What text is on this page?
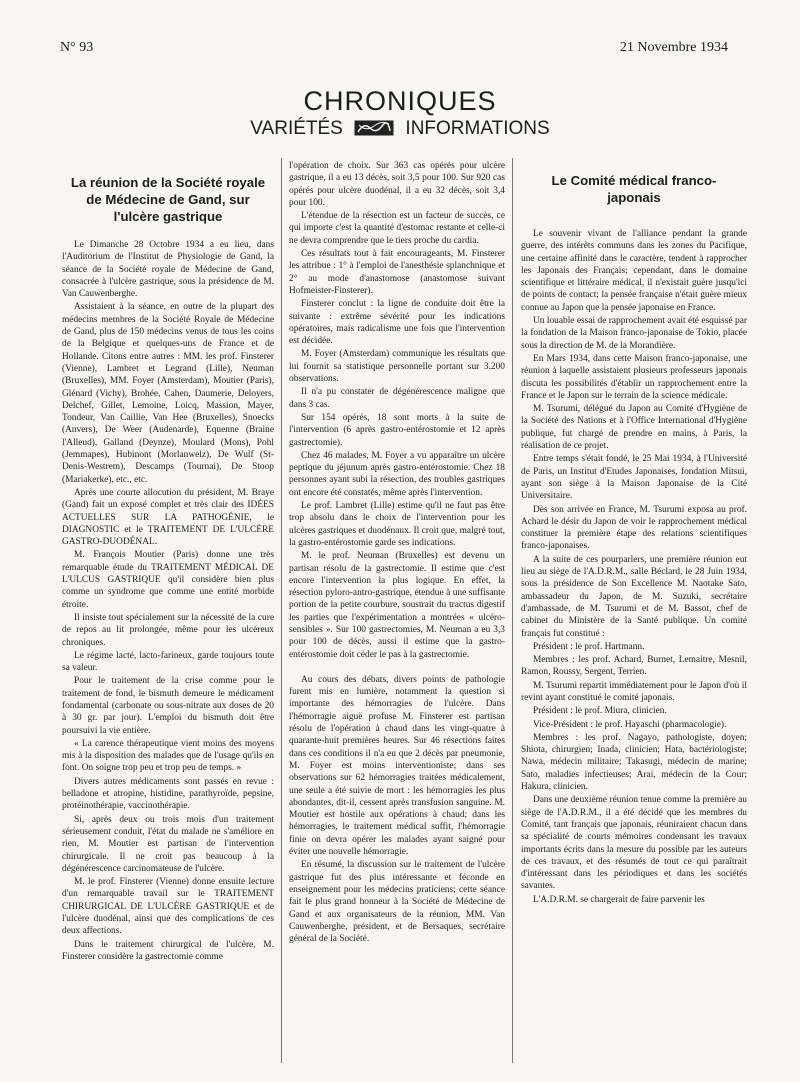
N° 93	21 Novembre 1934
CHRONIQUES
VARIÉTÉS	INFORMATIONS
La réunion de la Société royale de Médecine de Gand, sur l'ulcère gastrique

Le Dimanche 28 Octobre 1934 a eu lieu, dans l'Auditorium de l'Institut de Physiologie de Gand, la séance de la Société royale de Médecine de Gand, consacrée à l'ulcère gastrique, sous la présidence de M. Van Cauwenberghe.

Assistaient à la séance, en outre de la plupart des médecins membres de la Société Royale de Médecine de Gand, plus de 150 médecins venus de tous les coins de la Belgique et quelques-uns de France et de Hollande. Citons entre autres : MM. les prof. Finsterer (Vienne), Lambret et Legrand (Lille), Neuman (Bruxelles), MM. Foyer (Amsterdam), Moutier (Paris), Glénard (Vichy), Brohée, Cahen, Daumerie, Deloyers, Delchef, Gillet, Lemoine, Loicq, Massion, Mayer, Tondeur, Van Caillie, Van Hee (Bruxelles), Snoecks (Anvers), De Weer (Audenarde), Equenne (Braine l'Alleud), Galland (Deynze), Moulard (Mons), Pohl (Jemmapes), Hubinont (Morlanwelz), De Wulf (St-Denis-Westrem), Descamps (Tournai), De Stoop (Mariakerke), etc., etc.

Après une courte allocution du président, M. Braye (Gand) fait un exposé complet et très clair des IDÉES ACTUELLES SUR LA PATHOGÉNIE, le DIAGNOSTIC et le TRAITEMENT DE L'ULCÈRE GASTRO-DUODÉNAL.

M. François Moutier (Paris) donne une très remarquable étude du TRAITEMENT MÉDICAL DE L'ULCUS GASTRIQUE qu'il considère bien plus comme un syndrome que comme une entité morbide étroite.

Il insiste tout spécialement sur la nécessité de la cure de repos au lit prolongée, même pour les ulcéreux chroniques.

Le régime lacté, lacto-farineux, garde toujours toute sa valeur.

Pour le traitement de la crise comme pour le traitement de fond, le bismuth demeure le médicament fondamental (carbonate ou sous-nitrate aux doses de 20 à 30 gr. par jour). L'emploi du bismuth doit être poursuivi la vie entière.

« La carence thérapeutique vient moins des moyens mis à la disposition des malades que de l'usage qu'ils en font. On soigne trop peu et trop peu de temps. »

Divers autres médicaments sont passés en revue : belladone et atropine, histidine, parathyroïde, pepsine, protéinothérapie, vaccinothérapie.

Si, après deux ou trois mois d'un traitement sérieusement conduit, l'état du malade ne s'améliore en rien, M. Moutier est partisan de l'intervention chirurgicale. Il ne croit pas beaucoup à la dégénérescence carcinomateuse de l'ulcère.

M. le prof. Finsterer (Vienne) donne ensuite lecture d'un remarquable travail sur le TRAITEMENT CHIRURGICAL DE L'ULCÈRE GASTRIQUE et de l'ulcère duodénal, ainsi que des complications de ces deux affections.

Dans le traitement chirurgical de l'ulcère, M. Finsterer considère la gastrectomie comme

l'opération de choix. Sur 363 cas opérés pour ulcère gastrique, il a eu 13 décès, soit 3,5 pour 100. Sur 920 cas opérés pour ulcère duodénal, il a eu 32 décès, soit 3,4 pour 100.

L'étendue de la résection est un facteur de succès, ce qui importe c'est la quantité d'estomac restante et celle-ci ne devra comprendre que le tiers proche du cardia.

Ces résultats tout à fait encourageants, M. Finsterer les attribue : 1° à l'emploi de l'anesthésie splanchnique et 2° au mode d'anastomose (anastomose suivant Hofmeister-Finsterer).

Finsterer conclut : la ligne de conduite doit être la suivante : extrême sévérité pour les indications opératoires, mais radicalisme une fois que l'intervention est décidée.

M. Foyer (Amsterdam) communique les résultats que lui fournit sa statistique personnelle portant sur 3.200 observations.

Il n'a pu constater de dégénérescence maligne que dans 3 cas.

Sur 154 opérés, 18 sont morts à la suite de l'intervention (6 après gastro-entérostomie et 12 après gastrectomie).

Chez 46 malades, M. Foyer a vu apparaître un ulcère peptique du jéjunum après gastro-entérostomie. Chez 18 personnes ayant subi la résection, des troubles gastriques ont encore été constatés, même après l'intervention.

Le prof. Lambret (Lille) estime qu'il ne faut pas être trop absolu dans le choix de l'intervention pour les ulcères gastriques et duodénaux. Il croit que, malgré tout, la gastro-entérostomie garde ses indications.

M. le prof. Neuman (Bruxelles) est devenu un partisan résolu de la gastrectomie. Il estime que c'est encore l'intervention la plus logique. En effet, la résection pyloro-antro-gastrique, étendue à une suffisante portion de la petite courbure, soustrait du tractus digestif les parties que l'expérimentation a montrées « ulcéro-sensibles ». Sur 100 gastrectomies, M. Neuman a eu 3,3 pour 100 de décès, aussi il estime que la gastro-entérostomie doit céder le pas à la gastrectomie.

Au cours des débats, divers points de pathologie furent mis en lumière, notamment la question si importante des hémorragies de l'ulcère. Dans l'hémorragie aiguë profuse M. Finsterer est partisan résolu de l'opération à chaud dans les vingt-quatre à quarante-huit premières heures. Sur 46 résections faites dans ces conditions il n'a eu que 2 décès par pneumonie, M. Foyer est moins interventioniste; dans ses observations sur 62 hémorragies traitées médicalement, une seule a été suivie de mort : les hémorragies les plus abondantes, dit-il, cessent après transfusion sanguine. M. Moutier est hostile aux opérations à chaud; dans les hémorragies, le traitement médical suffit, l'hémorragie finie on devra opérer les malades ayant saigné pour éviter une nouvelle hémorragie.

En résumé, la discussion sur le traitement de l'ulcère gastrique fut des plus intéressante et féconde en enseignement pour les médecins praticiens; cette séance fait le plus grand honneur à la Société de Médecine de Gand et aux organisateurs de la réunion, MM. Van Cauwenberghe, président, et de Bersaques, secrétaire général de la Société.

Le Comité médical franco-japonais

Le souvenir vivant de l'alliance pendant la grande guerre, des intérêts communs dans les zones du Pacifique, une certaine affinité dans le caractère, tendent à rapprocher les Japonais des Français; cependant, dans le domaine scientifique et littéraire médical, il n'existait guère jusqu'ici de points de contact; la pensée française n'était guère mieux connue au Japon que la pensée japonaise en France.

Un louable essai de rapprochement avait été esquissé par la fondation de la Maison franco-japonaise de Tokio, placée sous la direction de M. de la Morandière.

En Mars 1934, dans cette Maison franco-japonaise, une réunion à laquelle assistaient plusieurs professeurs japonais discuta les possibilités d'établir un rapprochement entre la France et le Japon sur le terrain de la science médicale.

M. Tsurumi, délégué du Japon au Comité d'Hygiène de la Société des Nations et à l'Office International d'Hygiène publique, fut chargé de prendre en mains, à Paris, la réalisation de ce projet.

Entre temps s'était fondé, le 25 Mai 1934, à l'Université de Paris, un Institut d'Etudes Japonaises, fondation Mitsui, ayant son siège à la Maison Japonaise de la Cité Universitaire.

Dès son arrivée en France, M. Tsurumi exposa au prof. Achard le désir du Japon de voir le rapprochement médical constituer la première étape des relations scientifiques franco-japonaises.

A la suite de ces pourparlers, une première réunion eut lieu au siège de l'A.D.R.M., salle Béclard, le 28 Juin 1934, sous la présidence de Son Excellence M. Naotake Sato, ambassadeur du Japon, de M. Suzuki, secrétaire d'ambassade, de M. Tsurumi et de M. Bassot, chef de cabinet du Ministère de la Santé publique. Un comité français fut constitué :

Président : le prof. Hartmann.

Membres : les prof. Achard, Burnet, Lemaitre, Mesnil, Ramon, Roussy, Sergent, Terrien.

M. Tsurumi repartit immédiatement pour le Japon d'où il revint ayant constitué le comité japonais.

Président : le prof. Miura, clinicien.

Vice-Président : le prof. Hayaschi (pharmacologie).

Membres : les prof. Nagayo, pathologiste, doyen; Shiota, chirurgien; Inada, clinicien; Hata, bactériologiste; Nawa, médecin militaire; Takasugi, médecin de marine; Sato, maladies infectieuses; Arai, médecin de la Cour; Hakura, clinicien.

Dans une deuxième réunion tenue comme la première au siège de l'A.D.R.M., il a été décidé que les membres du Comité, tant français que japonais, réuniraient chacun dans sa spécialité de courts mémoires condensant les travaux importants écrits dans la mesure du possible par les auteurs de ces travaux, et des résumés de tout ce qui paraîtrait d'intéressant dans les périodiques et dans les sociétés savantes.

L'A.D.R.M. se chargerait de faire parvenir les
